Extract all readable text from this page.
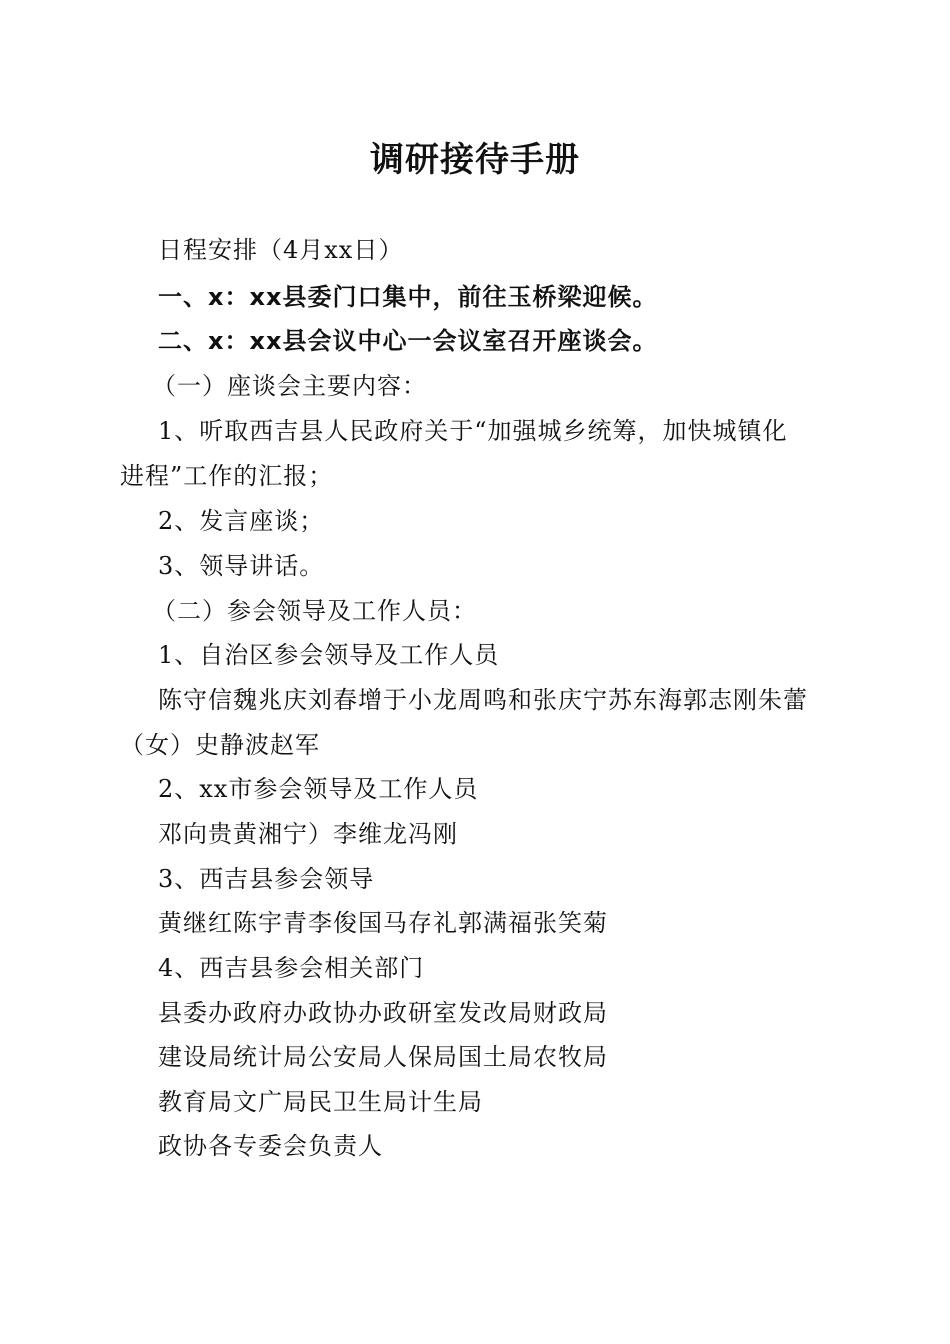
调研接待手册
日程安排（4月xx日）
一、x：xx县委门口集中，前往玉桥梁迎候。
二、x：xx县会议中心一会议室召开座谈会。
（一）座谈会主要内容：
1、听取西吉县人民政府关于“加强城乡统筹，加快城镇化
进程”工作的汇报；
2、发言座谈；
3、领导讲话。
（二）参会领导及工作人员：
1、自治区参会领导及工作人员
陈守信魏兆庆刘春增于小龙周鸣和张庆宁苏东海郭志刚朱蕾
（女）史静波赵军
2、xx市参会领导及工作人员
邓向贵黄湘宁）李维龙冯刚
3、西吉县参会领导
黄继红陈宇青李俊国马存礼郭满福张笑菊
4、西吉县参会相关部门
县委办政府办政协办政研室发改局财政局
建设局统计局公安局人保局国土局农牧局
教育局文广局民卫生局计生局
政协各专委会负责人
